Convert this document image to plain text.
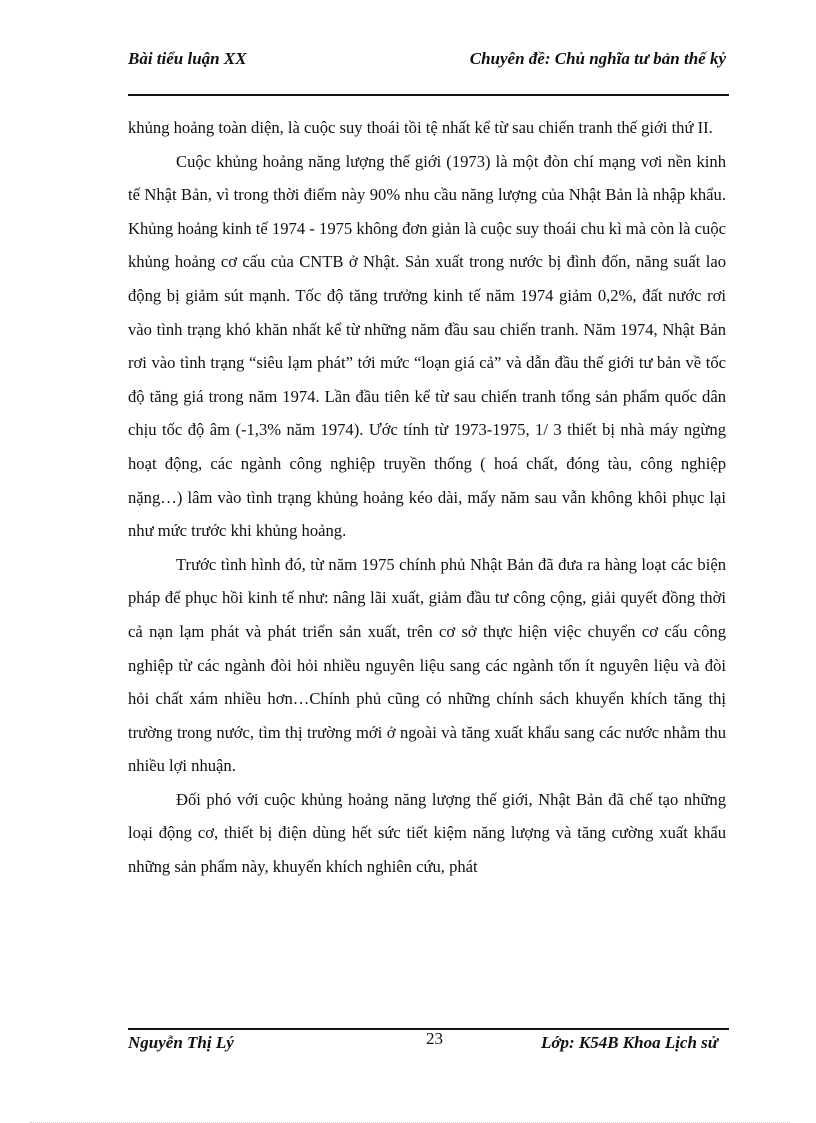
Bài tiểu luận XX	Chuyên đề: Chủ nghĩa tư bản thế kỷ

khủng hoảng toàn diện, là cuộc suy thoái tồi tệ nhất kể từ sau chiến tranh thế giới thứ II.

Cuộc khủng hoảng năng lượng thế giới (1973) là một đòn chí mạng vơi nền kinh tế Nhật Bản, vì trong thời điểm này 90% nhu cầu năng lượng của Nhật Bản là nhập khẩu. Khủng hoảng kinh tế 1974 - 1975 không đơn giản là cuộc suy thoái chu kì mà còn là cuộc khủng hoảng cơ cấu của CNTB ở Nhật. Sản xuất trong nước bị đình đốn, năng suất lao động bị giảm sút mạnh. Tốc độ tăng trưởng kinh tế năm 1974 giảm 0,2%, đất nước rơi vào tình trạng khó khăn nhất kể từ những năm đầu sau chiến tranh. Năm 1974, Nhật Bản rơi vào tình trạng “siêu lạm phát” tới mức “loạn giá cả” và dẫn đầu thế giới tư bản về tốc độ tăng giá trong năm 1974. Lần đầu tiên kể từ sau chiến tranh tổng sản phẩm quốc dân chịu tốc độ âm (-1,3% năm 1974). Ước tính từ 1973-1975, 1/ 3 thiết bị nhà máy ngừng hoạt động, các ngành công nghiệp truyền thống ( hoá chất, đóng tàu, công nghiệp nặng…) lâm vào tình trạng khủng hoảng kéo dài, mấy năm sau vẫn không khôi phục lại như mức trước khi khủng hoảng.

Trước tình hình đó, từ năm 1975 chính phủ Nhật Bản đã đưa ra hàng loạt các biện pháp để phục hồi kinh tế như: nâng lãi xuất, giảm đầu tư công cộng, giải quyết đồng thời cả nạn lạm phát và phát triển sản xuất, trên cơ sở thực hiện việc chuyển cơ cấu công nghiệp từ các ngành đòi hỏi nhiều nguyên liệu sang các ngành tốn ít nguyên liệu và đòi hỏi chất xám nhiều hơn…Chính phủ cũng có những chính sách khuyến khích tăng thị trường trong nước, tìm thị trường mới ở ngoài và tăng xuất khẩu sang các nước nhằm thu nhiều lợi nhuận.

Đối phó với cuộc khủng hoảng năng lượng thế giới, Nhật Bản đã chế tạo những loại động cơ, thiết bị điện dùng hết sức tiết kiệm năng lượng và tăng cường xuất khẩu những sản phẩm này, khuyến khích nghiên cứu, phát

Nguyễn Thị Lý	23	Lớp: K54B Khoa Lịch sử
